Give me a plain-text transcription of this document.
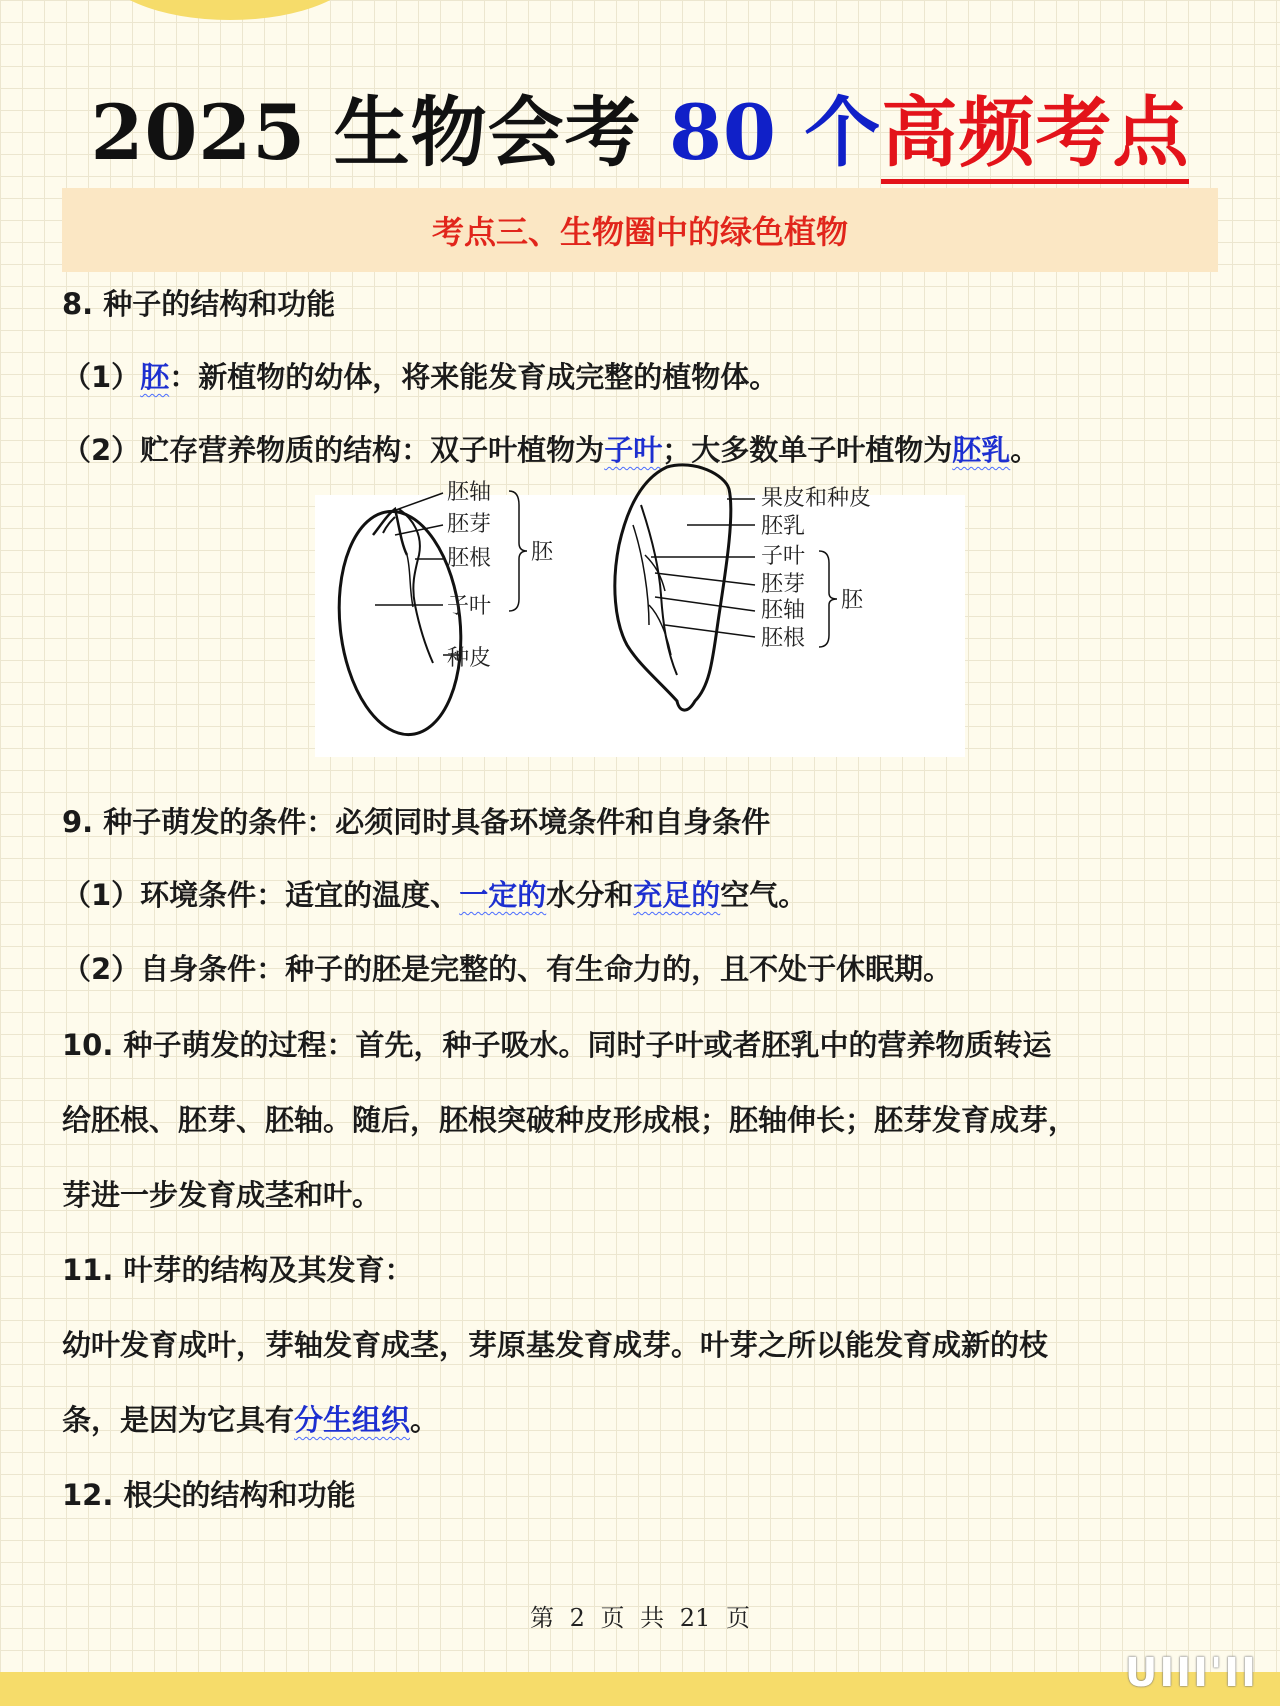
2025 生物会考 80 个高频考点
考点三、生物圈中的绿色植物
8. 种子的结构和功能
（1）胚：新植物的幼体，将来能发育成完整的植物体。
（2）贮存营养物质的结构：双子叶植物为子叶；大多数单子叶植物为胚乳。
胚轴
胚芽
胚根
子叶
种皮
胚
果皮和种皮
胚乳
子叶
胚芽
胚轴
胚根
胚
9. 种子萌发的条件：必须同时具备环境条件和自身条件
（1）环境条件：适宜的温度、一定的水分和充足的空气。
（2）自身条件：种子的胚是完整的、有生命力的，且不处于休眠期。
10. 种子萌发的过程：首先，种子吸水。同时子叶或者胚乳中的营养物质转运
给胚根、胚芽、胚轴。随后，胚根突破种皮形成根；胚轴伸长；胚芽发育成芽，
芽进一步发育成茎和叶。
11. 叶芽的结构及其发育：
幼叶发育成叶，芽轴发育成茎，芽原基发育成芽。叶芽之所以能发育成新的枝
条，是因为它具有分生组织。
12. 根尖的结构和功能
第 2 页 共 21 页
UIII'II
